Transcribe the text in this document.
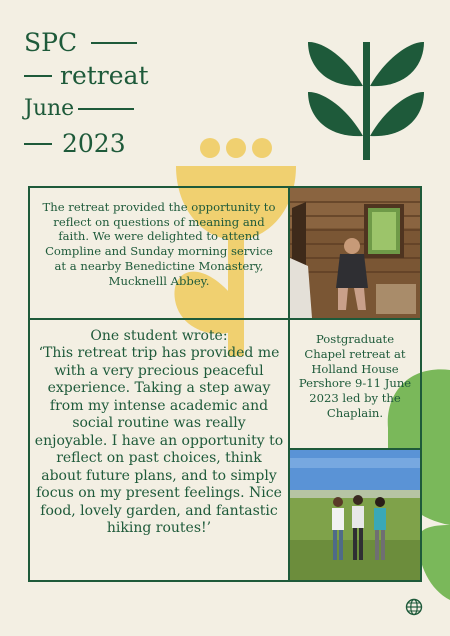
SPC
retreat
June
2023
The retreat provided the opportunity to reflect on questions of meaning and faith. We were delighted to attend Compline and Sunday morning service at a nearby Benedictine Monastery, Mucknelll Abbey.
One student wrote:
‘This retreat trip has provided me with a very precious peaceful experience. Taking a step away from my intense academic and social routine was really enjoyable. I have an opportunity to reflect on past choices, think about future plans, and to simply focus on my present feelings. Nice food, lovely garden, and fantastic hiking routes!’
Postgraduate Chapel retreat at Holland House Pershore 9-11 June 2023 led by the Chaplain.
